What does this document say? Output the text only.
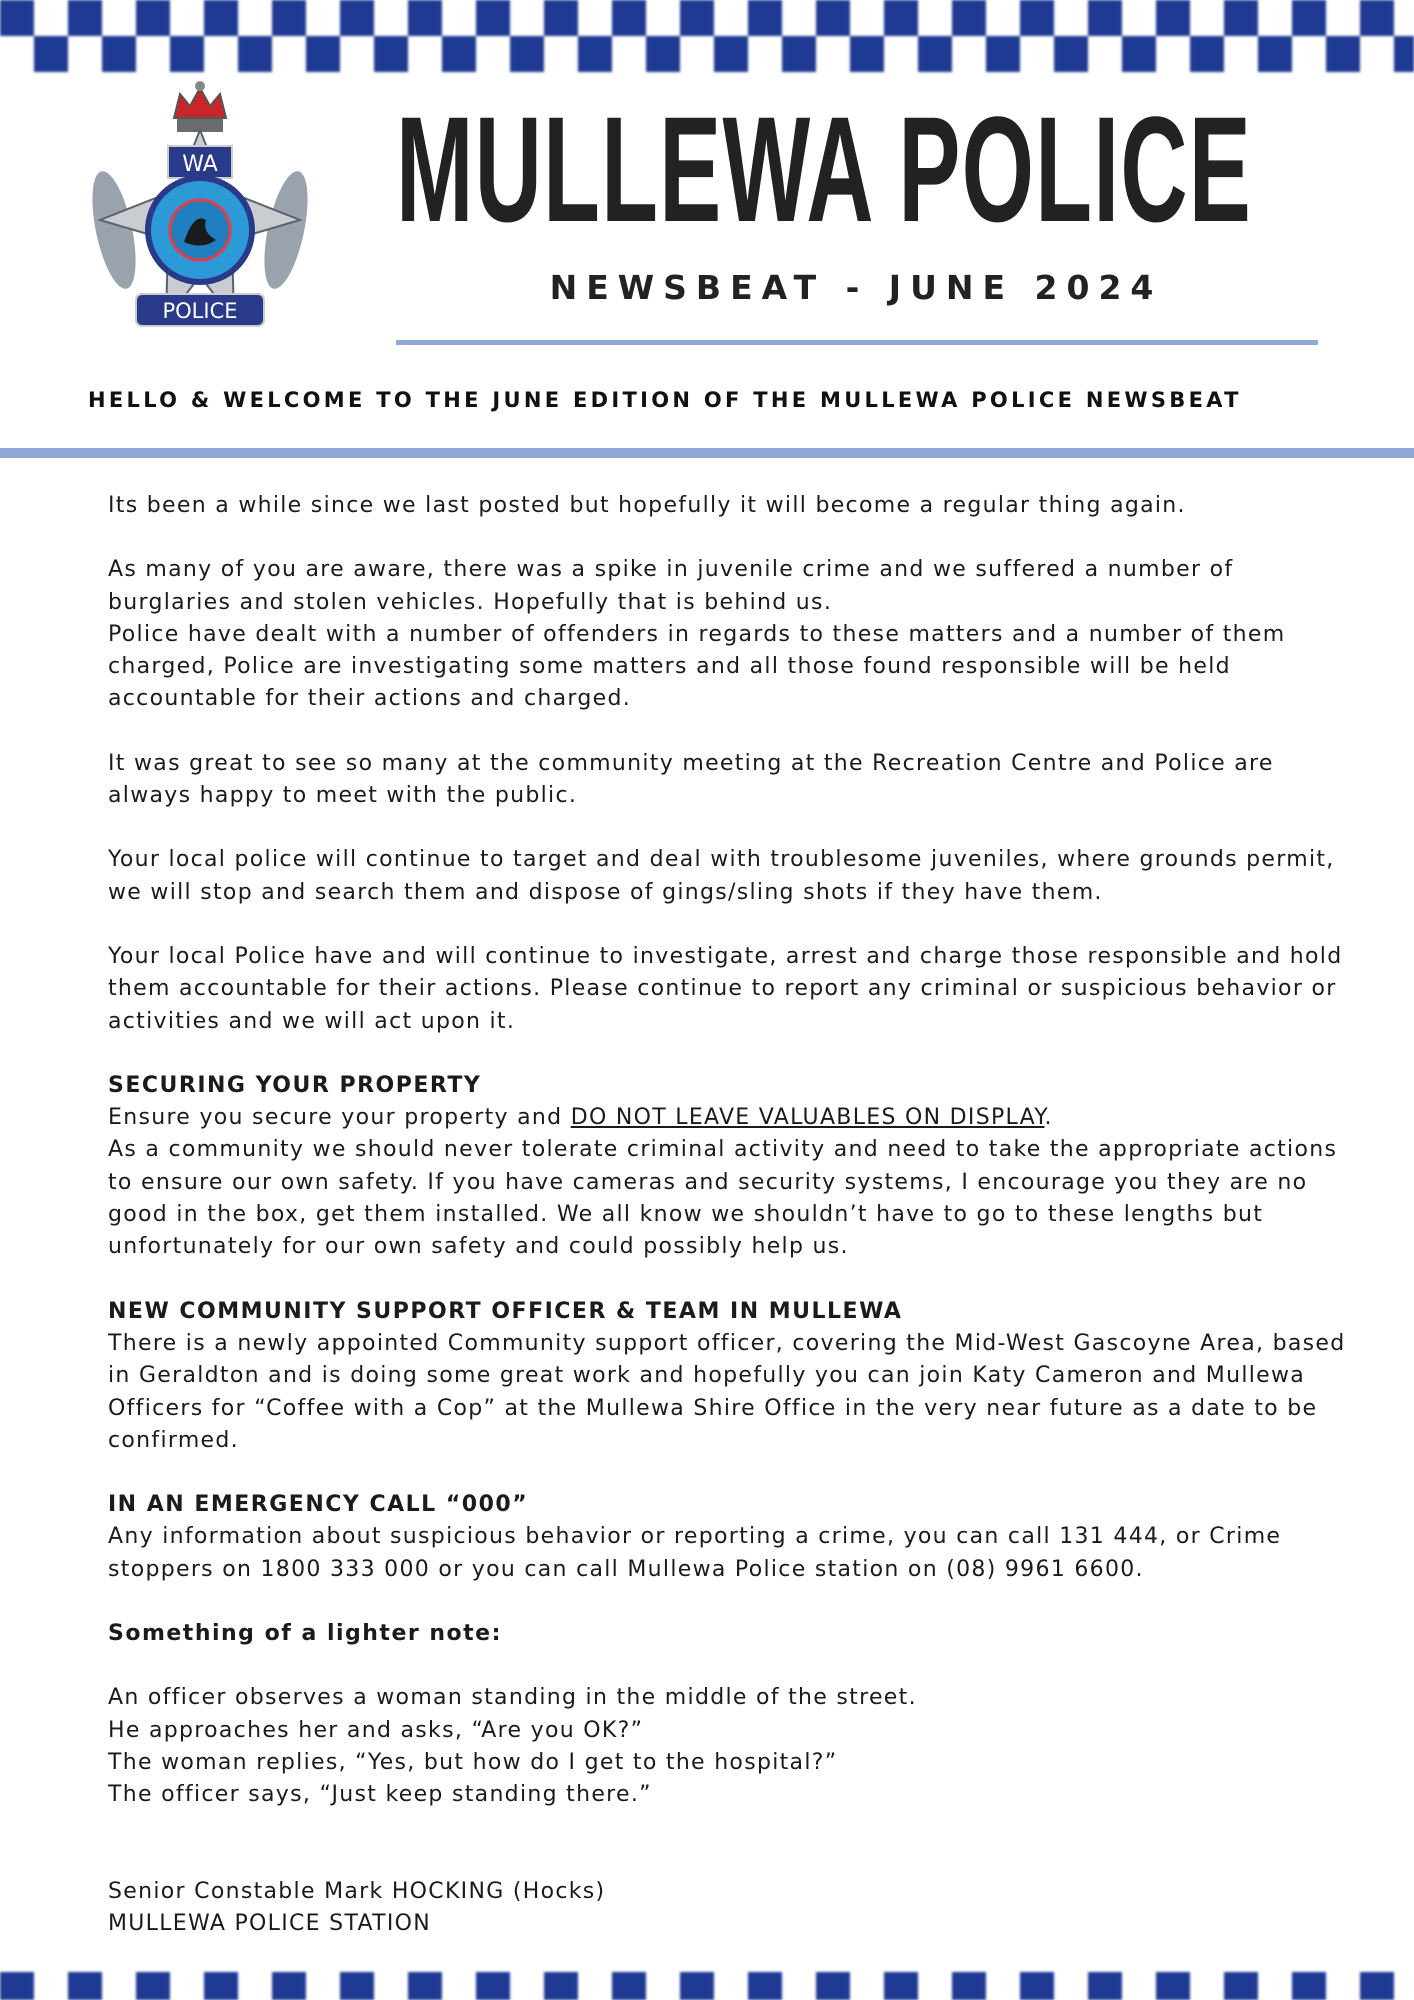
WA
POLICE
MULLEWA POLICE
NEWSBEAT - JUNE 2024
HELLO & WELCOME TO THE JUNE EDITION OF THE MULLEWA POLICE NEWSBEAT

Its been a while since we last posted but hopefully it will become a regular thing again.

As many of you are aware, there was a spike in juvenile crime and we suffered a number of burglaries and stolen vehicles. Hopefully that is behind us.

Police have dealt with a number of offenders in regards to these matters and a number of them charged, Police are investigating some matters and all those found responsible will be held accountable for their actions and charged.

It was great to see so many at the community meeting at the Recreation Centre and Police are always happy to meet with the public.

Your local police will continue to target and deal with troublesome juveniles, where grounds permit, we will stop and search them and dispose of gings/sling shots if they have them.

Your local Police have and will continue to investigate, arrest and charge those responsible and hold them accountable for their actions. Please continue to report any criminal or suspicious behavior or activities and we will act upon it.

SECURING YOUR PROPERTY
Ensure you secure your property and DO NOT LEAVE VALUABLES ON DISPLAY.

As a community we should never tolerate criminal activity and need to take the appropriate actions to ensure our own safety. If you have cameras and security systems, I encourage you they are no good in the box, get them installed. We all know we shouldn’t have to go to these lengths but unfortunately for our own safety and could possibly help us.

NEW COMMUNITY SUPPORT OFFICER & TEAM IN MULLEWA

There is a newly appointed Community support officer, covering the Mid-West Gascoyne Area, based in Geraldton and is doing some great work and hopefully you can join Katy Cameron and Mullewa Officers for “Coffee with a Cop” at the Mullewa Shire Office in the very near future as a date to be confirmed.

IN AN EMERGENCY CALL “000”

Any information about suspicious behavior or reporting a crime, you can call 131 444, or Crime stoppers on 1800 333 000 or you can call Mullewa Police station on (08) 9961 6600.

Something of a lighter note:

An officer observes a woman standing in the middle of the street.
He approaches her and asks, “Are you OK?”
The woman replies, “Yes, but how do I get to the hospital?”
The officer says, “Just keep standing there.”
Senior Constable Mark HOCKING (Hocks)
MULLEWA POLICE STATION
